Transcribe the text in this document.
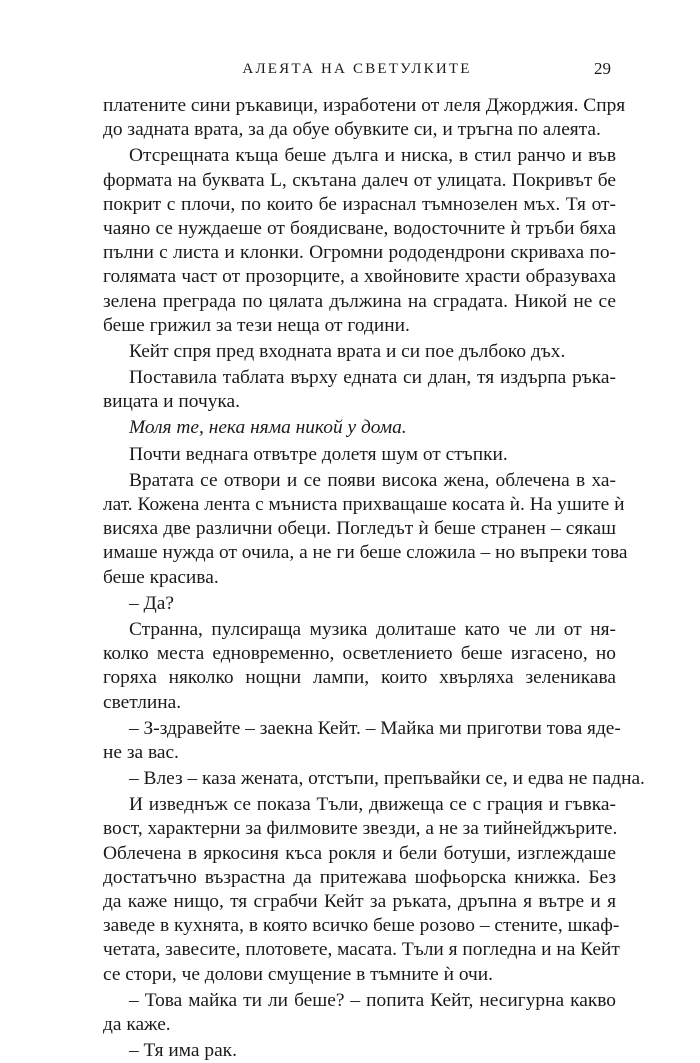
АЛЕЯТА НА СВЕТУЛКИТЕ	29
платените сини ръкавици, изработени от леля Джорджия. Спря
до задната врата, за да обуе обувките си, и тръгна по алеята.
Отсрещната къща беше дълга и ниска, в стил ранчо и във
формата на буквата L, скътана далеч от улицата. Покривът бе
покрит с плочи, по които бе израснал тъмнозелен мъх. Тя от-
чаяно се нуждаеше от боядисване, водосточните ѝ тръби бяха
пълни с листа и клонки. Огромни рододендрони скриваха по-
голямата част от прозорците, а хвойновите храсти образуваха
зелена преграда по цялата дължина на сградата. Никой не се
беше грижил за тези неща от години.
Кейт спря пред входната врата и си пое дълбоко дъх.
Поставила таблата върху едната си длан, тя издърпа ръка-
вицата и почука.
Моля те, нека няма никой у дома.
Почти веднага отвътре долетя шум от стъпки.
Вратата се отвори и се появи висока жена, облечена в ха-
лат. Кожена лента с мъниста прихващаше косата ѝ. На ушите ѝ
висяха две различни обеци. Погледът ѝ беше странен – сякаш
имаше нужда от очила, а не ги беше сложила – но въпреки това
беше красива.
– Да?
Странна, пулсираща музика долиташе като че ли от ня-
колко места едновременно, осветлението беше изгасено, но
горяха няколко нощни лампи, които хвърляха зеленикава
светлина.
– З-здравейте – заекна Кейт. – Майка ми приготви това яде-
не за вас.
– Влез – каза жената, отстъпи, препъвайки се, и едва не падна.
И изведнъж се показа Тъли, движеща се с грация и гъвка-
вост, характерни за филмовите звезди, а не за тийнейджърите.
Облечена в яркосиня къса рокля и бели ботуши, изглеждаше
достатъчно възрастна да притежава шофьорска книжка. Без
да каже нищо, тя сграбчи Кейт за ръката, дръпна я вътре и я
заведе в кухнята, в която всичко беше розово – стените, шкаф-
четата, завесите, плотовете, масата. Тъли я погледна и на Кейт
се стори, че долови смущение в тъмните ѝ очи.
– Това майка ти ли беше? – попита Кейт, несигурна какво
да каже.
– Тя има рак.
